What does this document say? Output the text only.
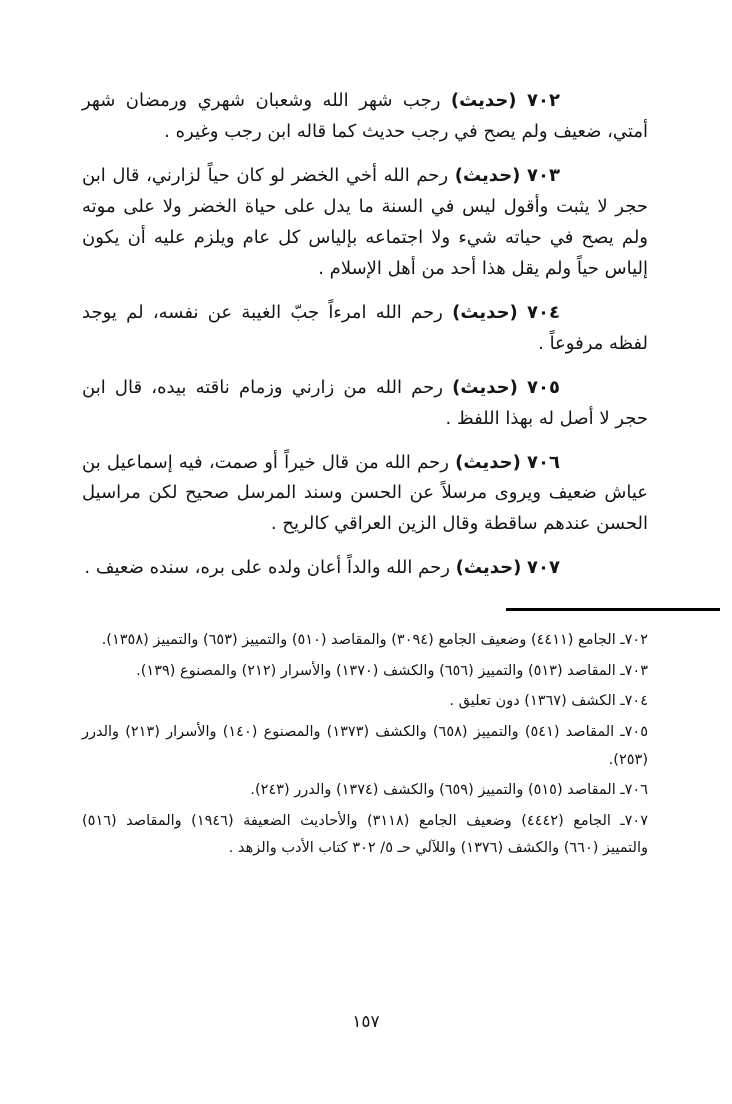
٧٠٢ (حديث) رجب شهر الله وشعبان شهري ورمضان شهر أمتي، ضعيف ولم يصح في رجب حديث كما قاله ابن رجب وغيره .

٧٠٣ (حديث) رحم الله أخي الخضر لو كان حياً لزارني، قال ابن حجر لا يثبت وأقول ليس في السنة ما يدل على حياة الخضر ولا على موته ولم يصح في حياته شيء ولا اجتماعه بإلياس كل عام ويلزم عليه أن يكون إلياس حياً ولم يقل هذا أحد من أهل الإسلام .

٧٠٤ (حديث) رحم الله امرءاً جبّ الغيبة عن نفسه، لم يوجد لفظه مرفوعاً .

٧٠٥ (حديث) رحم الله من زارني وزمام ناقته بيده، قال ابن حجر لا أصل له بهذا اللفظ .

٧٠٦ (حديث) رحم الله من قال خيراً أو صمت، فيه إسماعيل بن عياش ضعيف ويروى مرسلاً عن الحسن وسند المرسل صحيح لكن مراسيل الحسن عندهم ساقطة وقال الزين العراقي كالريح .

٧٠٧ (حديث) رحم الله والداً أعان ولده على بره، سنده ضعيف .

٧٠٢ـ الجامع (٤٤١١) وضعيف الجامع (٣٠٩٤) والمقاصد (٥١٠) والتمييز (٦٥٣) والتمييز (١٣٥٨).

٧٠٣ـ المقاصد (٥١٣) والتمييز (٦٥٦) والكشف (١٣٧٠) والأسرار (٢١٢) والمصنوع (١٣٩).

٧٠٤ـ الكشف (١٣٦٧) دون تعليق .

٧٠٥ـ المقاصد (٥٤١) والتمييز (٦٥٨) والكشف (١٣٧٣) والمصنوع (١٤٠) والأسرار (٢١٣) والدرر (٢٥٣).

٧٠٦ـ المقاصد (٥١٥) والتمييز (٦٥٩) والكشف (١٣٧٤) والدرر (٢٤٣).

٧٠٧ـ الجامع (٤٤٤٢) وضعيف الجامع (٣١١٨) والأحاديث الضعيفة (١٩٤٦) والمقاصد (٥١٦) والتمييز (٦٦٠) والكشف (١٣٧٦) واللآلي حـ ٥/ ٣٠٢ كتاب الأدب والزهد .

١٥٧
